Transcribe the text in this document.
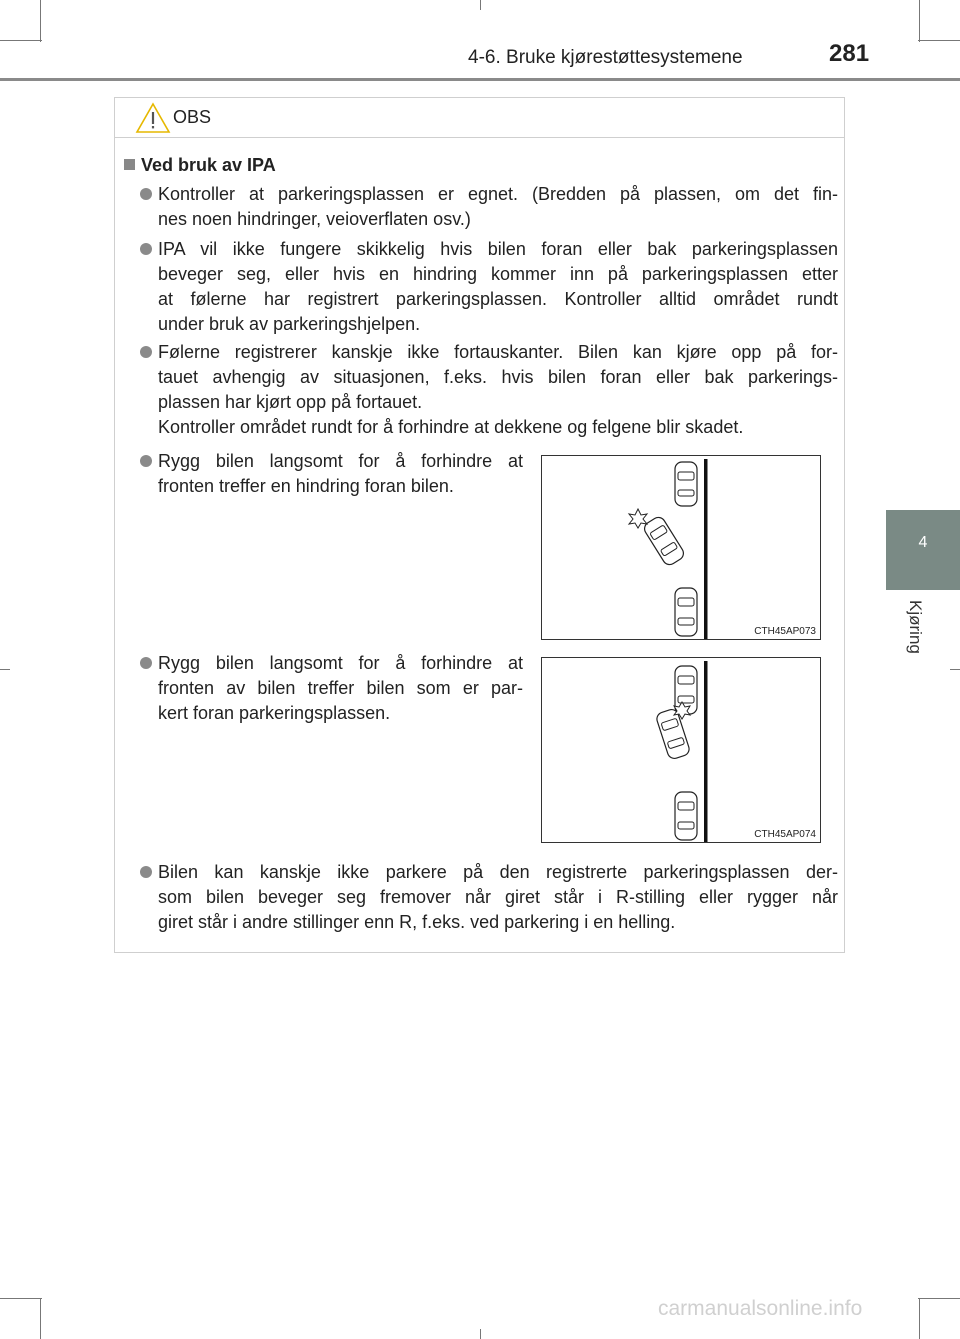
4-6. Bruke kjørestøttesystemene	281
4
Kjøring
OBS
Ved bruk av IPA
Kontroller at parkeringsplassen er egnet. (Bredden på plassen, om det fin-
nes noen hindringer, veioverflaten osv.)
IPA vil ikke fungere skikkelig hvis bilen foran eller bak parkeringsplassen
beveger seg, eller hvis en hindring kommer inn på parkeringsplassen etter
at følerne har registrert parkeringsplassen. Kontroller alltid området rundt
under bruk av parkeringshjelpen.
Følerne registrerer kanskje ikke fortauskanter. Bilen kan kjøre opp på for-
tauet avhengig av situasjonen, f.eks. hvis bilen foran eller bak parkerings-
plassen har kjørt opp på fortauet.
Kontroller området rundt for å forhindre at dekkene og felgene blir skadet.
Rygg bilen langsomt for å forhindre at
fronten treffer en hindring foran bilen.
CTH45AP073
Rygg bilen langsomt for å forhindre at
fronten av bilen treffer bilen som er par-
kert foran parkeringsplassen.
CTH45AP074
Bilen kan kanskje ikke parkere på den registrerte parkeringsplassen der-
som bilen beveger seg fremover når giret står i R-stilling eller rygger når
giret står i andre stillinger enn R, f.eks. ved parkering i en helling.
carmanualsonline.info
